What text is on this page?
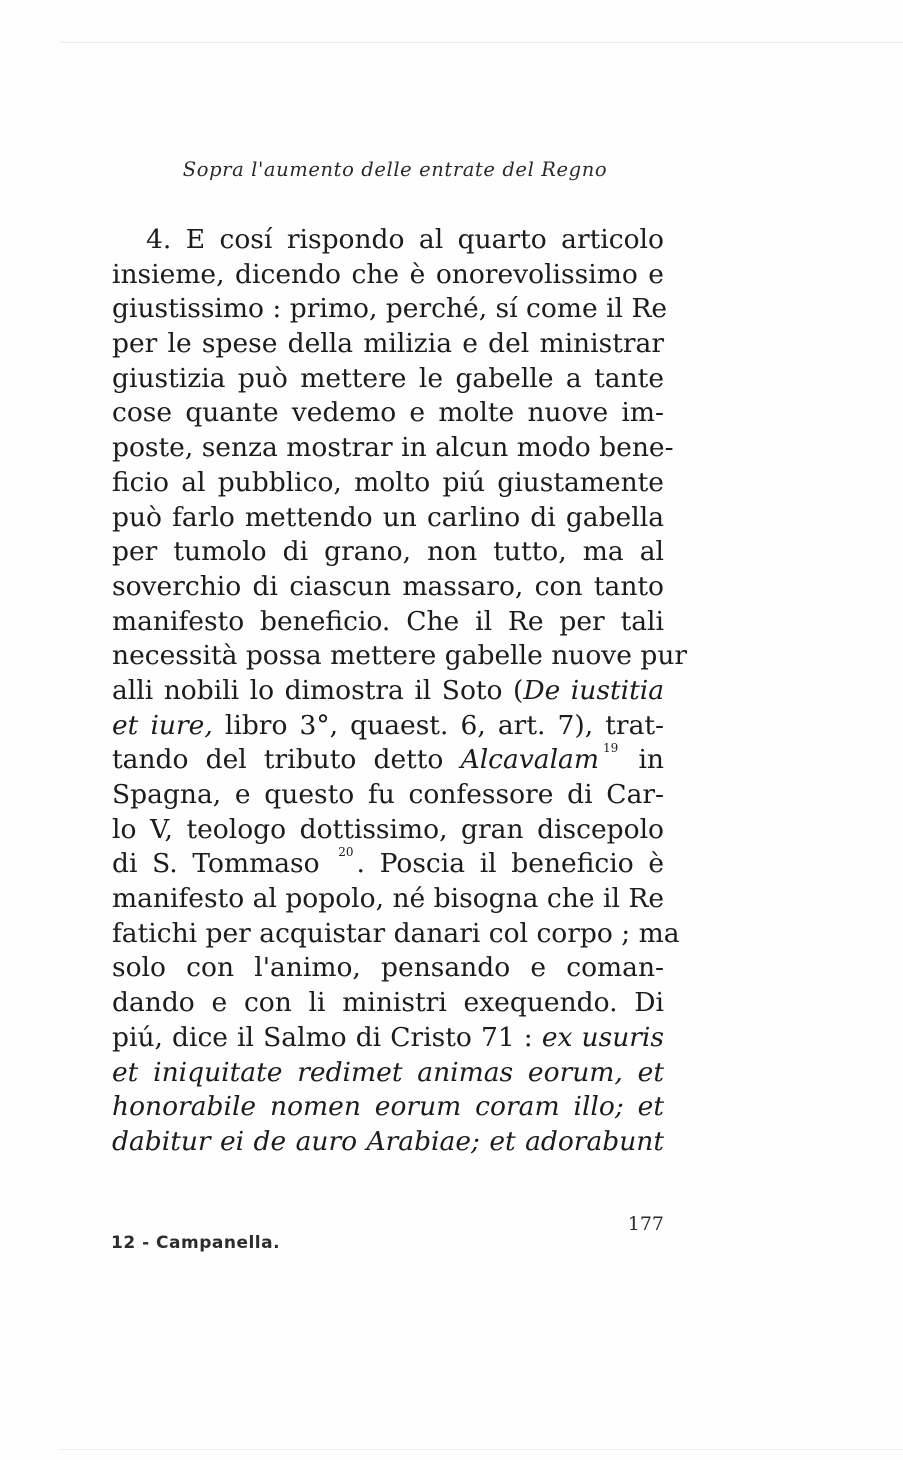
Sopra l'aumento delle entrate del Regno
4. E cosí rispondo al quarto articolo
insieme, dicendo che è onorevolissimo e
giustissimo : primo, perché, sí come il Re
per le spese della milizia e del ministrar
giustizia può mettere le gabelle a tante
cose quante vedemo e molte nuove im-
poste, senza mostrar in alcun modo bene-
ficio al pubblico, molto piú giustamente
può farlo mettendo un carlino di gabella
per tumolo di grano, non tutto, ma al
soverchio di ciascun massaro, con tanto
manifesto beneficio. Che il Re per tali
necessità possa mettere gabelle nuove pur
alli nobili lo dimostra il Soto (De iustitia
et iure, libro 3°, quaest. 6, art. 7), trat-
tando del tributo detto Alcavalam $^{19}$ in
Spagna, e questo fu confessore di Car-
lo V, teologo dottissimo, gran discepolo
di S. Tommaso $^{20}$ . Poscia il beneficio è
manifesto al popolo, né bisogna che il Re
fatichi per acquistar danari col corpo ; ma
solo con l'animo, pensando e coman-
dando e con li ministri exequendo. Di
piú, dice il Salmo di Cristo 71 : ex usuris
et iniquitate redimet animas eorum, et
honorabile nomen eorum coram illo; et
dabitur ei de auro Arabiae; et adorabunt
177
12 - Campanella.
